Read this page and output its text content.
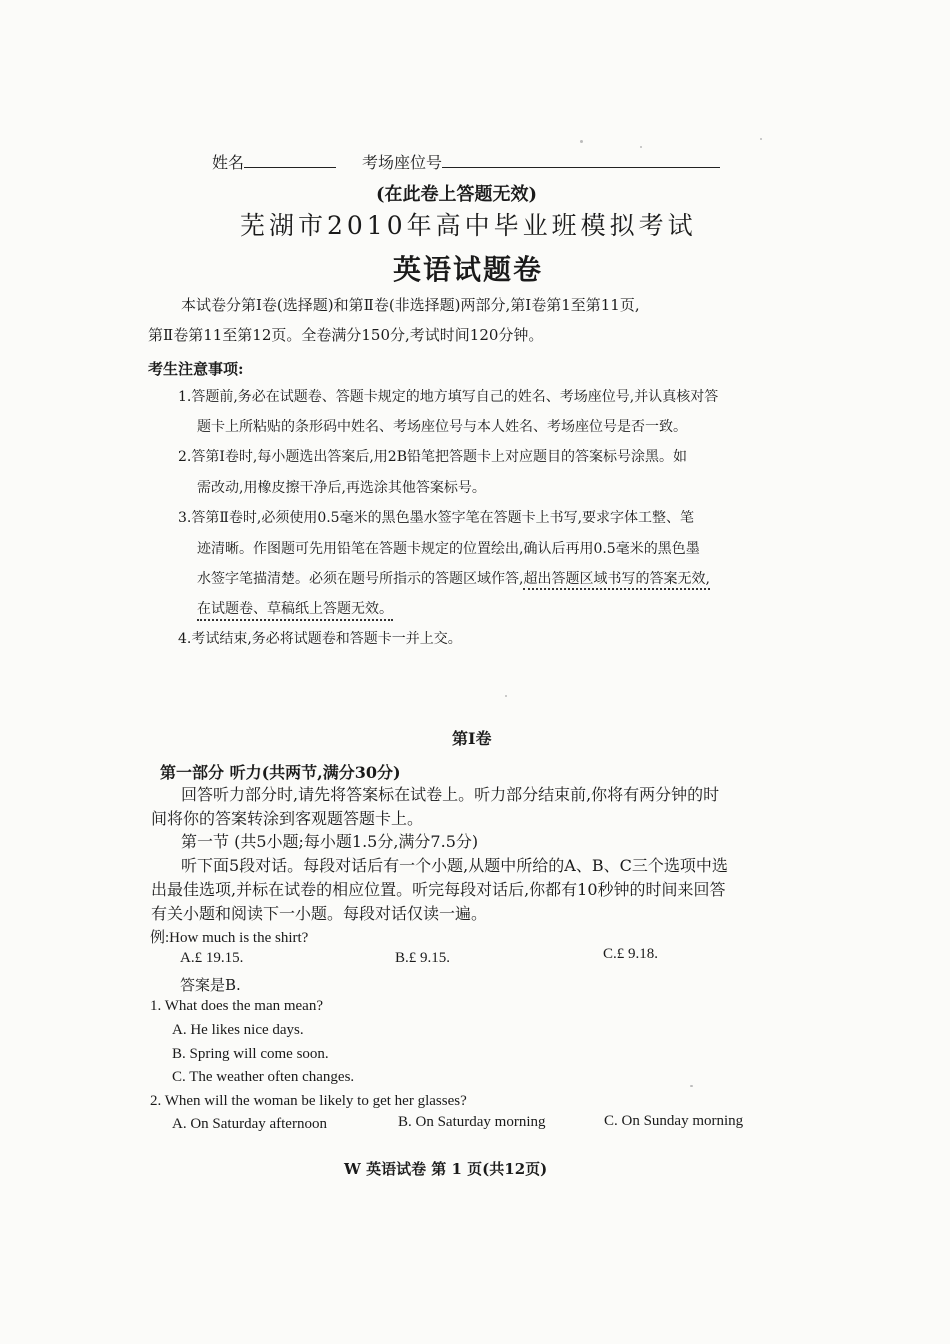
姓名	考场座位号
(在此卷上答题无效)
芜湖市2010年高中毕业班模拟考试
英语试题卷
本试卷分第Ⅰ卷(选择题)和第Ⅱ卷(非选择题)两部分,第Ⅰ卷第1至第11页,
第Ⅱ卷第11至第12页。全卷满分150分,考试时间120分钟。
考生注意事项:
1.答题前,务必在试题卷、答题卡规定的地方填写自己的姓名、考场座位号,并认真核对答
题卡上所粘贴的条形码中姓名、考场座位号与本人姓名、考场座位号是否一致。
2.答第Ⅰ卷时,每小题选出答案后,用2B铅笔把答题卡上对应题目的答案标号涂黑。如
需改动,用橡皮擦干净后,再选涂其他答案标号。
3.答第Ⅱ卷时,必须使用0.5毫米的黑色墨水签字笔在答题卡上书写,要求字体工整、笔
迹清晰。作图题可先用铅笔在答题卡规定的位置绘出,确认后再用0.5毫米的黑色墨
水签字笔描清楚。必须在题号所指示的答题区域作答,超出答题区域书写的答案无效,
在试题卷、草稿纸上答题无效。
4.考试结束,务必将试题卷和答题卡一并上交。
第Ⅰ卷
第一部分 听力(共两节,满分30分)
回答听力部分时,请先将答案标在试卷上。听力部分结束前,你将有两分钟的时
间将你的答案转涂到客观题答题卡上。
第一节 (共5小题;每小题1.5分,满分7.5分)
听下面5段对话。每段对话后有一个小题,从题中所给的A、B、C三个选项中选
出最佳选项,并标在试卷的相应位置。听完每段对话后,你都有10秒钟的时间来回答
有关小题和阅读下一小题。每段对话仅读一遍。
例:How much is the shirt?
A.£ 19.15.	B.£ 9.15.	C.£ 9.18.
答案是B.
1. What does the man mean?
A. He likes nice days.
B. Spring will come soon.
C. The weather often changes.
2. When will the woman be likely to get her glasses?
A. On Saturday afternoon	B. On Saturday morning	C. On Sunday morning
W 英语试卷 第 1 页(共12页)
